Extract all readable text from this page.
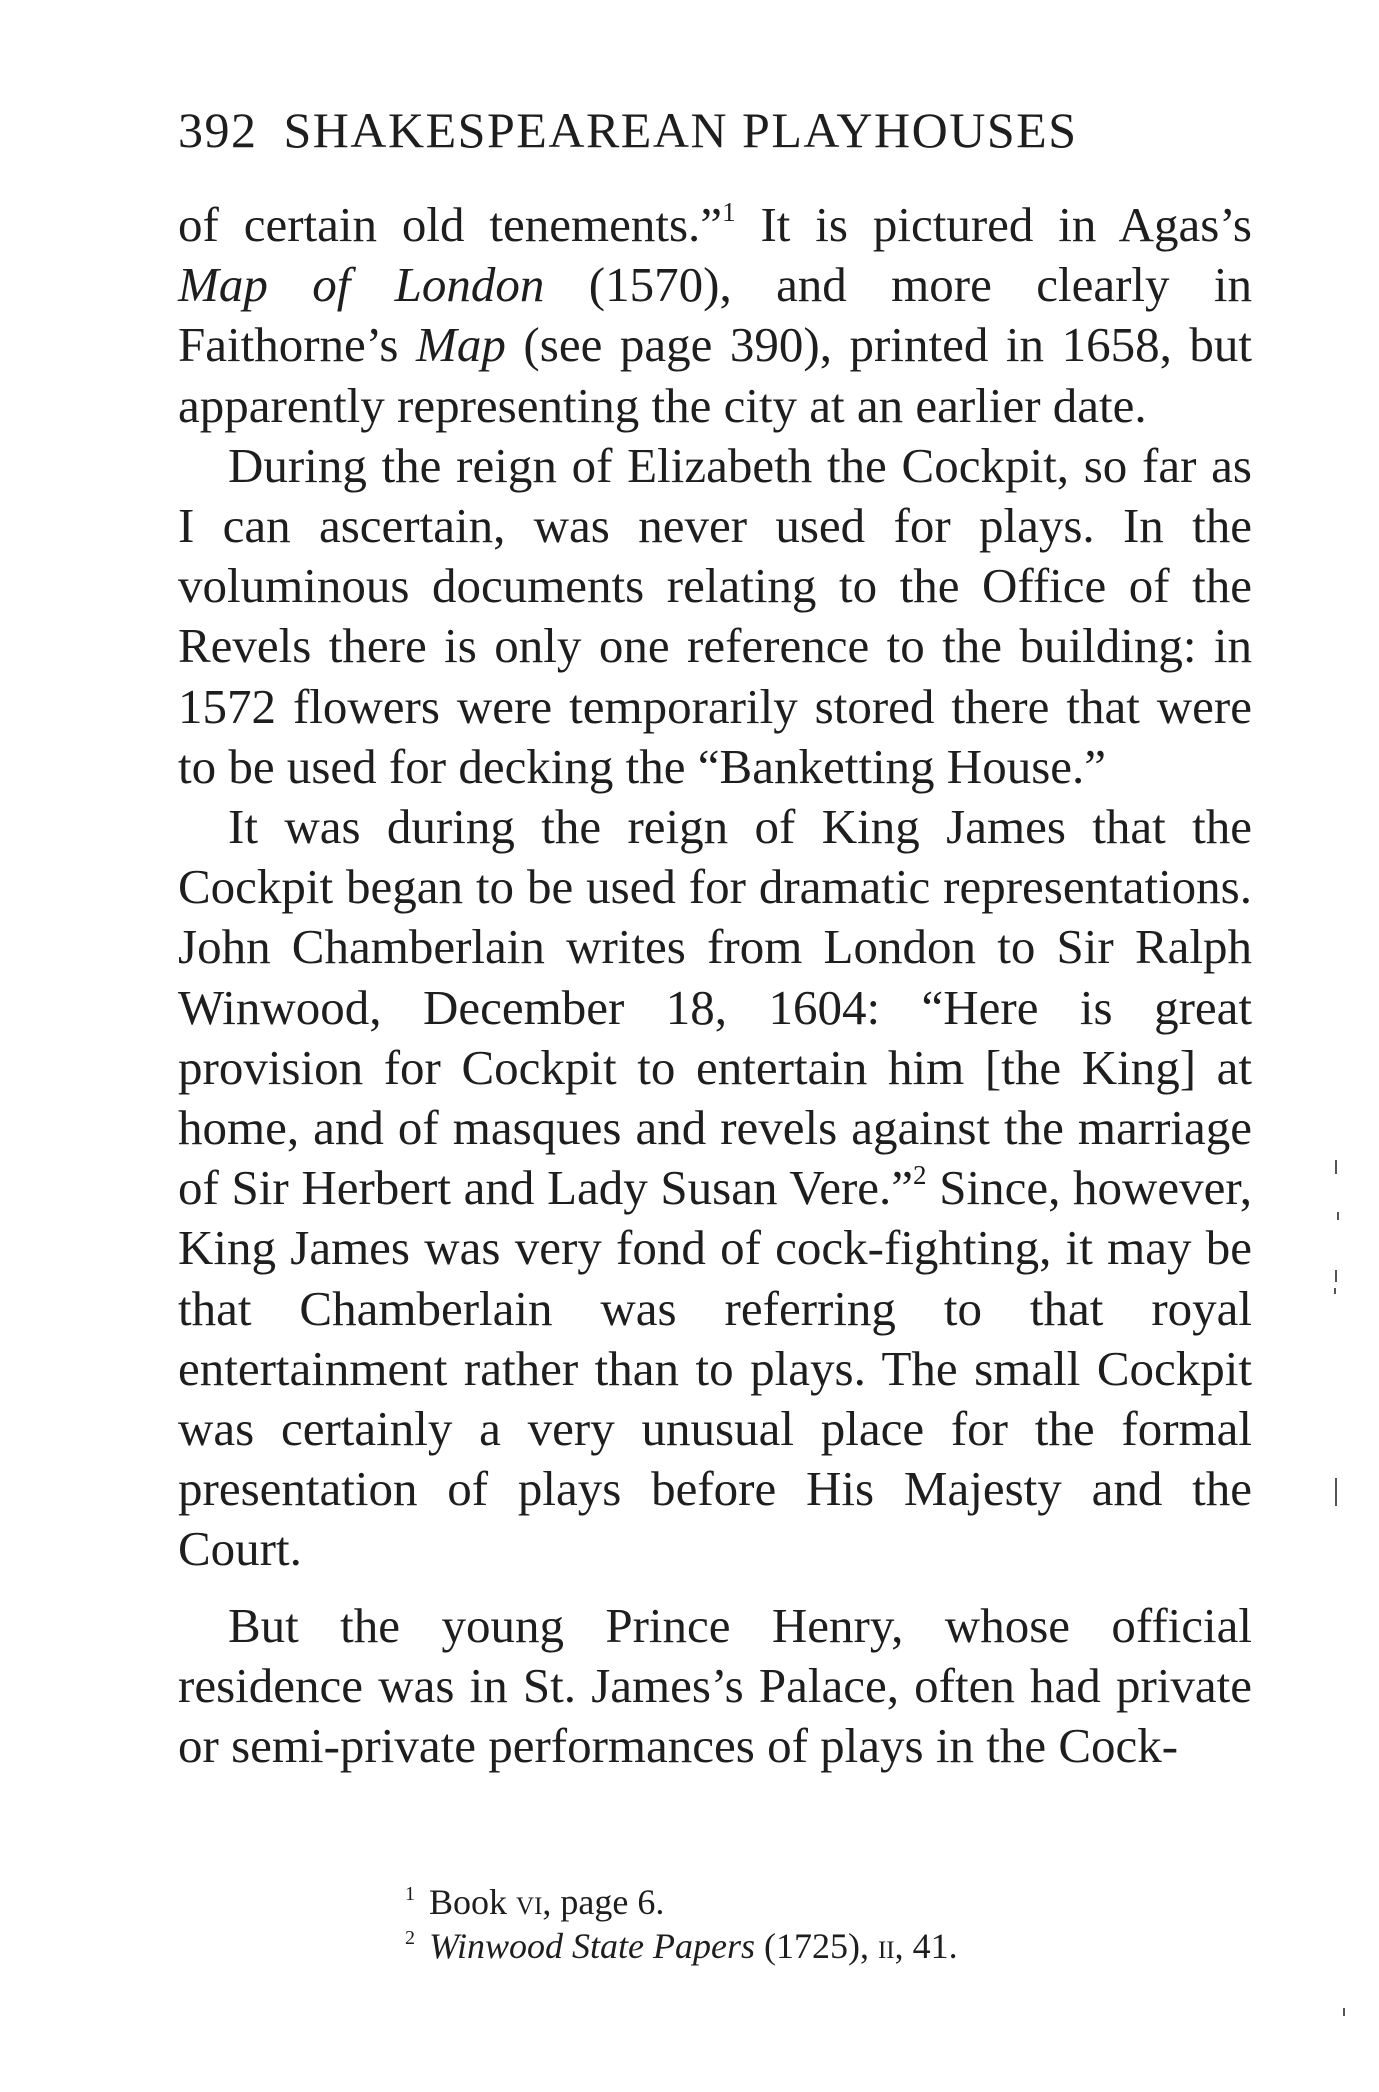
392 SHAKESPEAREAN PLAYHOUSES

of certain old tenements.”$^1$ It is pictured in Agas’s Map of London (1570), and more clearly in Faithorne’s Map (see page 390), printed in 1658, but apparently representing the city at an earlier date.

During the reign of Elizabeth the Cockpit, so far as I can ascertain, was never used for plays. In the voluminous documents relating to the Office of the Revels there is only one reference to the building: in 1572 flowers were temporarily stored there that were to be used for decking the “Banketting House.”

It was during the reign of King James that the Cockpit began to be used for dramatic representations. John Chamberlain writes from London to Sir Ralph Winwood, December 18, 1604: “Here is great provision for Cockpit to entertain him [the King] at home, and of masques and revels against the marriage of Sir Herbert and Lady Susan Vere.”$^2$ Since, however, King James was very fond of cock-fighting, it may be that Chamberlain was referring to that royal entertainment rather than to plays. The small Cockpit was certainly a very unusual place for the formal presentation of plays before His Majesty and the Court.

But the young Prince Henry, whose official residence was in St. James’s Palace, often had private or semi-private performances of plays in the Cock-

$^1$ Book vi, page 6.
$^2$ Winwood State Papers (1725), ii, 41.
